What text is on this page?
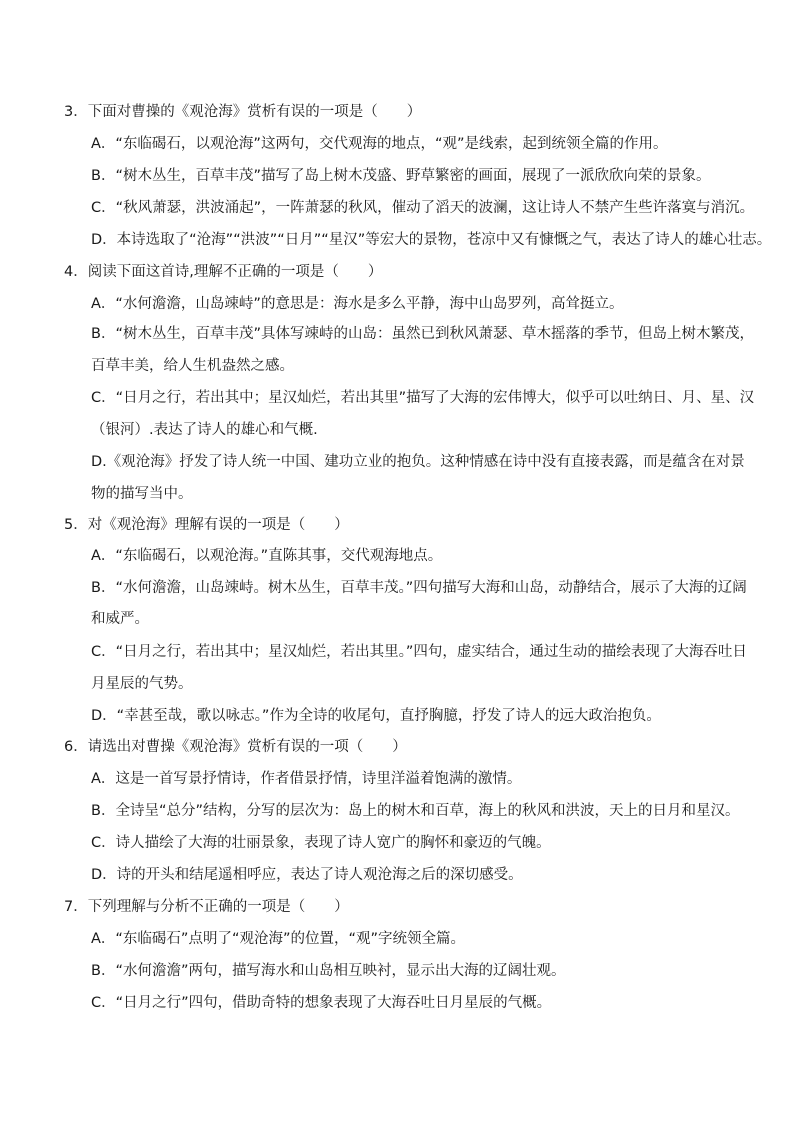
3．下面对曹操的《观沧海》赏析有误的一项是（　　）
A．“东临碣石，以观沧海”这两句，交代观海的地点，“观”是线索，起到统领全篇的作用。
B．“树木丛生，百草丰茂”描写了岛上树木茂盛、野草繁密的画面，展现了一派欣欣向荣的景象。
C．“秋风萧瑟，洪波涌起”，一阵萧瑟的秋风，催动了滔天的波澜，这让诗人不禁产生些许落寞与消沉。
D．本诗选取了“沧海”“洪波”“日月”“星汉”等宏大的景物，苍凉中又有慷慨之气，表达了诗人的雄心壮志。
4．阅读下面这首诗,理解不正确的一项是（　　）
A．“水何澹澹，山岛竦峙”的意思是：海水是多么平静，海中山岛罗列，高耸挺立。
B．“树木丛生，百草丰茂”具体写竦峙的山岛：虽然已到秋风萧瑟、草木摇落的季节，但岛上树木繁茂，
百草丰美，给人生机盎然之感。
C．“日月之行，若出其中；星汉灿烂，若出其里”描写了大海的宏伟博大，似乎可以吐纳日、月、星、汉
（银河）.表达了诗人的雄心和气概.
D.《观沧海》抒发了诗人统一中国、建功立业的抱负。这种情感在诗中没有直接表露，而是蕴含在对景
物的描写当中。
5．对《观沧海》理解有误的一项是（　　）
A．“东临碣石，以观沧海。”直陈其事，交代观海地点。
B．“水何澹澹，山岛竦峙。树木丛生，百草丰茂。”四句描写大海和山岛，动静结合，展示了大海的辽阔
和威严。
C．“日月之行，若出其中；星汉灿烂，若出其里。”四句，虚实结合，通过生动的描绘表现了大海吞吐日
月星辰的气势。
D．“幸甚至哉，歌以咏志。”作为全诗的收尾句，直抒胸臆，抒发了诗人的远大政治抱负。
6．请选出对曹操《观沧海》赏析有误的一项（　　）
A．这是一首写景抒情诗，作者借景抒情，诗里洋溢着饱满的激情。
B．全诗呈“总分”结构，分写的层次为：岛上的树木和百草，海上的秋风和洪波，天上的日月和星汉。
C．诗人描绘了大海的壮丽景象，表现了诗人宽广的胸怀和豪迈的气魄。
D．诗的开头和结尾遥相呼应，表达了诗人观沧海之后的深切感受。
7．下列理解与分析不正确的一项是（　　）
A．“东临碣石”点明了“观沧海”的位置，“观”字统领全篇。
B．“水何澹澹”两句，描写海水和山岛相互映衬，显示出大海的辽阔壮观。
C．“日月之行”四句，借助奇特的想象表现了大海吞吐日月星辰的气概。
